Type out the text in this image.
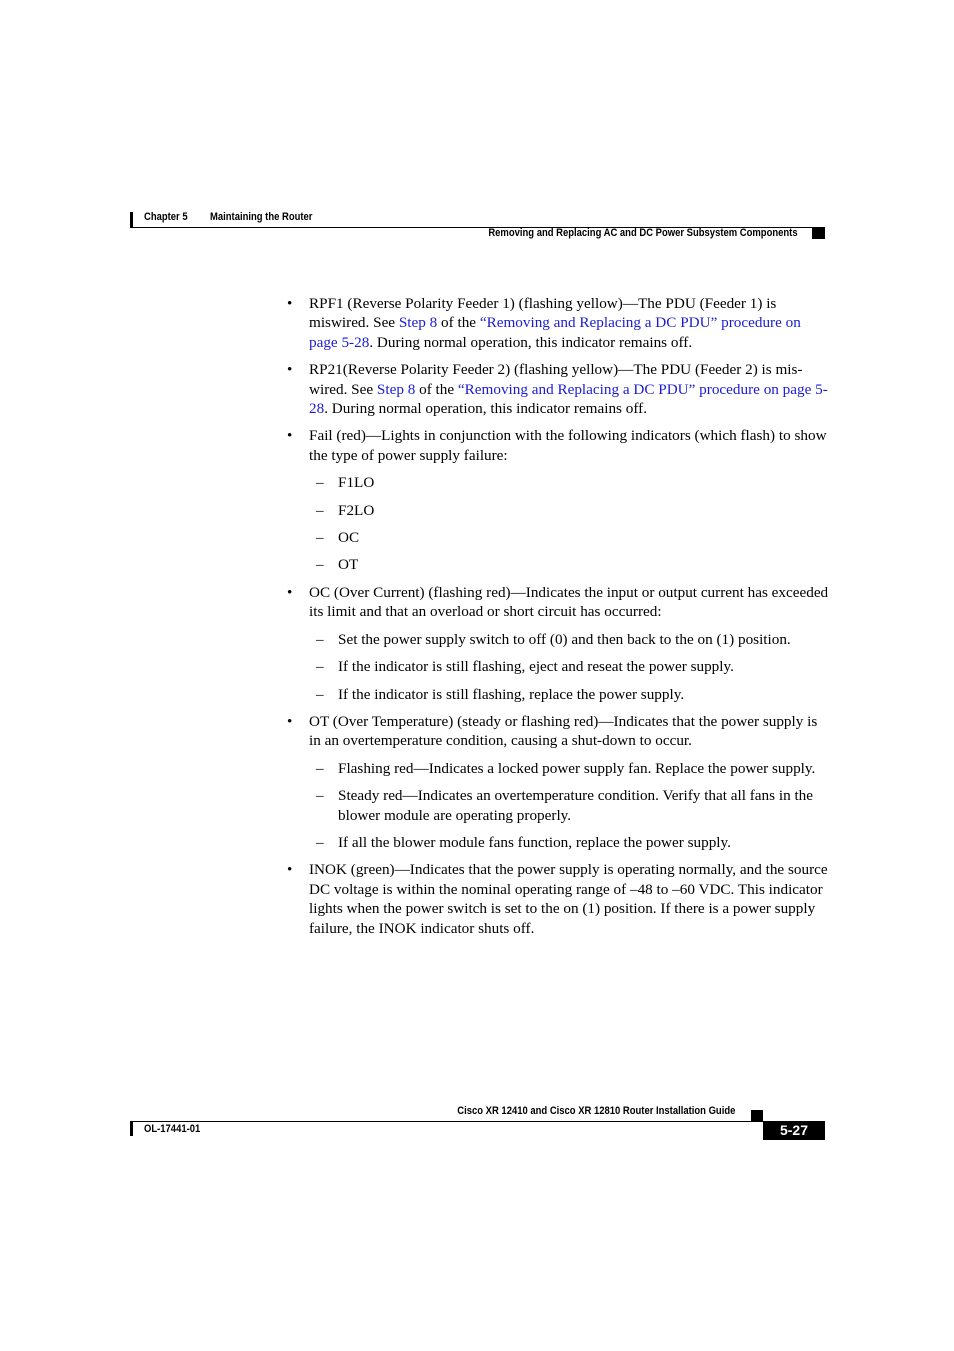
Chapter 5 Maintaining the Router
Removing and Replacing AC and DC Power Subsystem Components
• RPF1 (Reverse Polarity Feeder 1) (flashing yellow)—The PDU (Feeder 1) is miswired. See Step 8 of the “Removing and Replacing a DC PDU” procedure on page 5-28. During normal operation, this indicator remains off.
• RP21(Reverse Polarity Feeder 2) (flashing yellow)—The PDU (Feeder 2) is mis-wired. See Step 8 of the “Removing and Replacing a DC PDU” procedure on page 5-28. During normal operation, this indicator remains off.
• Fail (red)—Lights in conjunction with the following indicators (which flash) to show the type of power supply failure:
– F1LO
– F2LO
– OC
– OT
• OC (Over Current) (flashing red)—Indicates the input or output current has exceeded its limit and that an overload or short circuit has occurred:
– Set the power supply switch to off (0) and then back to the on (1) position.
– If the indicator is still flashing, eject and reseat the power supply.
– If the indicator is still flashing, replace the power supply.
• OT (Over Temperature) (steady or flashing red)—Indicates that the power supply is in an overtemperature condition, causing a shut-down to occur.
– Flashing red—Indicates a locked power supply fan. Replace the power supply.
– Steady red—Indicates an overtemperature condition. Verify that all fans in the blower module are operating properly.
– If all the blower module fans function, replace the power supply.
• INOK (green)—Indicates that the power supply is operating normally, and the source DC voltage is within the nominal operating range of –48 to –60 VDC. This indicator lights when the power switch is set to the on (1) position. If there is a power supply failure, the INOK indicator shuts off.
Cisco XR 12410 and Cisco XR 12810 Router Installation Guide
OL-17441-01	5-27
